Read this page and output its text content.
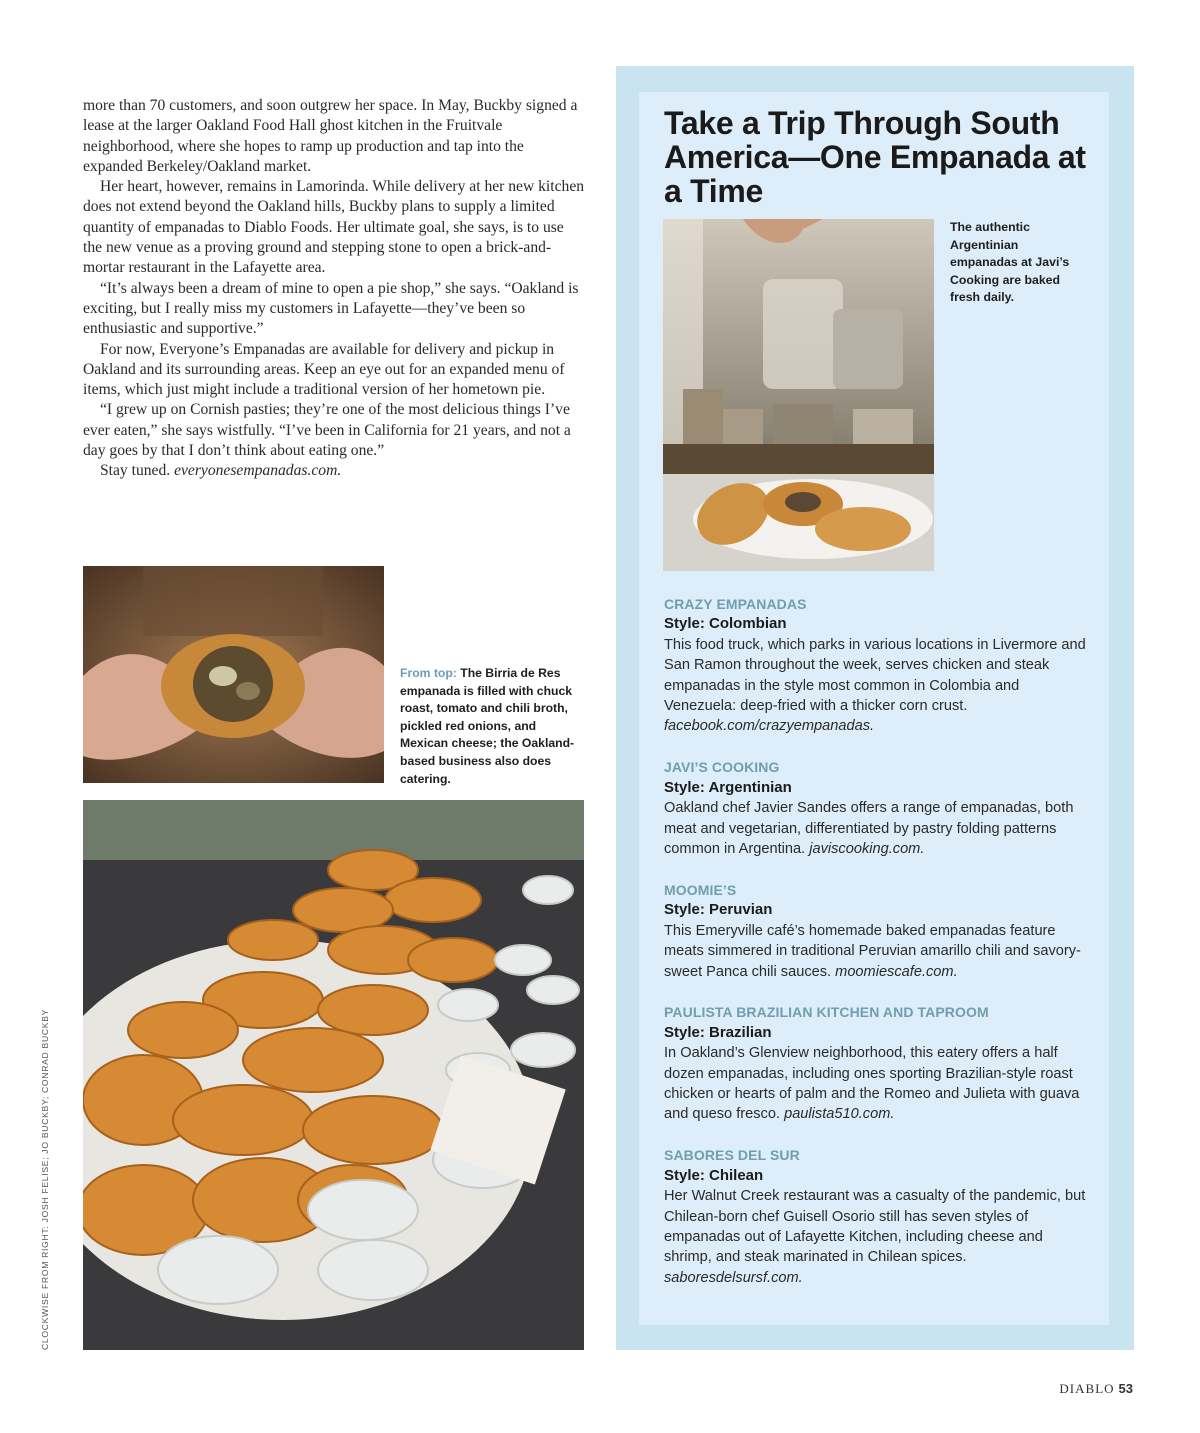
more than 70 customers, and soon outgrew her space. In May, Buckby signed a lease at the larger Oakland Food Hall ghost kitchen in the Fruitvale neighborhood, where she hopes to ramp up production and tap into the expanded Berkeley/Oakland market.

Her heart, however, remains in Lamorinda. While delivery at her new kitchen does not extend beyond the Oakland hills, Buckby plans to supply a limited quantity of empanadas to Diablo Foods. Her ultimate goal, she says, is to use the new venue as a proving ground and stepping stone to open a brick-and-mortar restaurant in the Lafayette area.

“It’s always been a dream of mine to open a pie shop,” she says. “Oakland is exciting, but I really miss my customers in Lafayette—they’ve been so enthusiastic and supportive.”

For now, Everyone’s Empanadas are available for delivery and pickup in Oakland and its surrounding areas. Keep an eye out for an expanded menu of items, which just might include a traditional version of her hometown pie.

“I grew up on Cornish pasties; they’re one of the most delicious things I’ve ever eaten,” she says wistfully. “I’ve been in California for 21 years, and not a day goes by that I don’t think about eating one.”

Stay tuned. everyonesempanadas.com.

From top: The Birria de Res empanada is filled with chuck roast, tomato and chili broth, pickled red onions, and Mexican cheese; the Oakland-based business also does catering.
CLOCKWISE FROM RIGHT: JOSH FELISE; JO BUCKBY; CONRAD BUCKBY
Take a Trip Through South America—One Empanada at a Time
The authentic Argentinian empanadas at Javi’s Cooking are baked fresh daily.
CRAZY EMPANADAS
Style: Colombian

This food truck, which parks in various locations in Livermore and San Ramon throughout the week, serves chicken and steak empanadas in the style most common in Colombia and Venezuela: deep-fried with a thicker corn crust. facebook.com/crazyempanadas.

JAVI’S COOKING
Style: Argentinian

Oakland chef Javier Sandes offers a range of empanadas, both meat and vegetarian, differentiated by pastry folding patterns common in Argentina. javiscooking.com.

MOOMIE’S
Style: Peruvian

This Emeryville café’s homemade baked empanadas feature meats simmered in traditional Peruvian amarillo chili and savory-sweet Panca chili sauces. moomiescafe.com.

PAULISTA BRAZILIAN KITCHEN AND TAPROOM
Style: Brazilian

In Oakland’s Glenview neighborhood, this eatery offers a half dozen empanadas, including ones sporting Brazilian-style roast chicken or hearts of palm and the Romeo and Julieta with guava and queso fresco. paulista510.com.

SABORES DEL SUR
Style: Chilean

Her Walnut Creek restaurant was a casualty of the pandemic, but Chilean-born chef Guisell Osorio still has seven styles of empanadas out of Lafayette Kitchen, including cheese and shrimp, and steak marinated in Chilean spices. saboresdelsursf.com.

DIABLO 53
